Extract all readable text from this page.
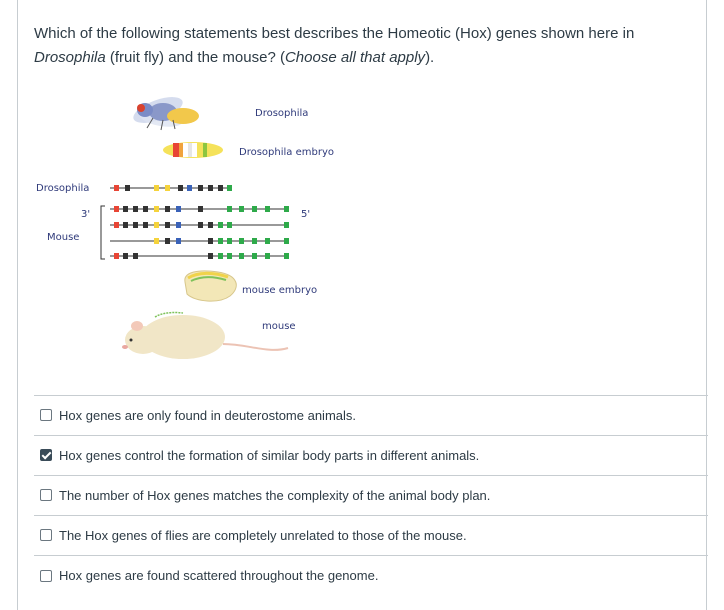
Which of the following statements best describes the Homeotic (Hox) genes shown here in
Drosophila (fruit fly) and the mouse? (Choose all that apply).
Drosophila
Drosophila embryo
Drosophila
3'	5'
Mouse
mouse embryo
mouse
Hox genes are only found in deuterostome animals.
Hox genes control the formation of similar body parts in different animals.
The number of Hox genes matches the complexity of the animal body plan.
The Hox genes of flies are completely unrelated to those of the mouse.
Hox genes are found scattered throughout the genome.
